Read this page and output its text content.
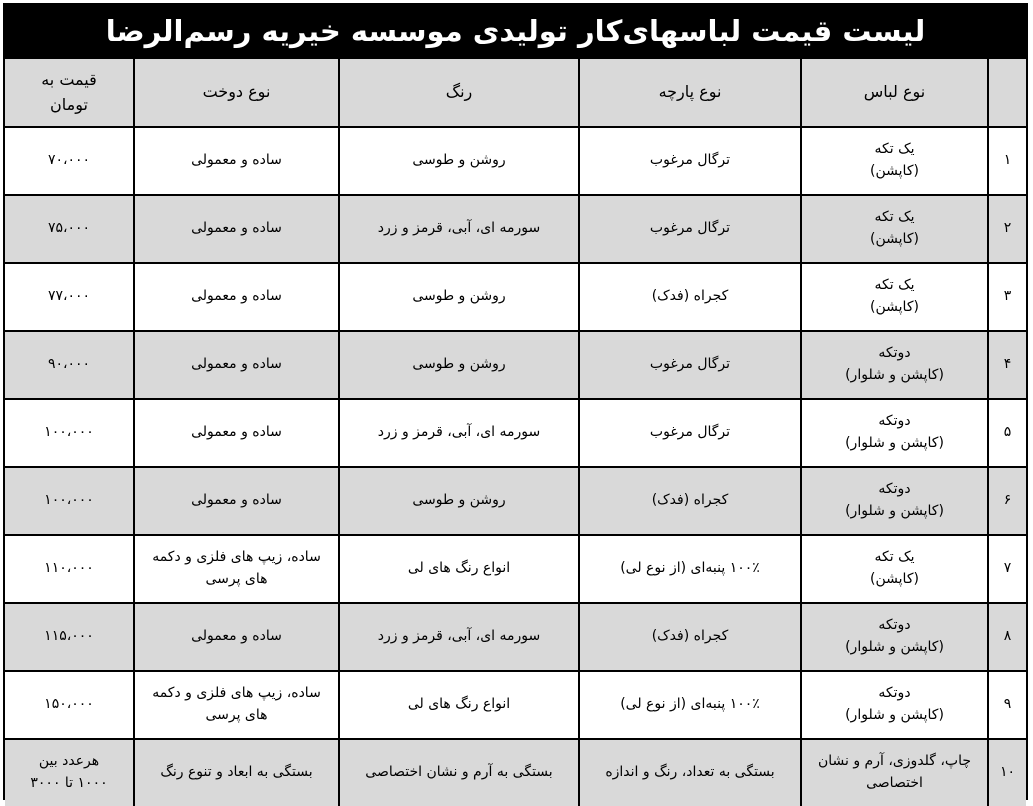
لیست قیمت لباسهای‌کار تولیدی موسسه خیریه رسم‌الرضا
	نوع لباس	نوع پارچه	رنگ	نوع دوخت	قیمت به
تومان

۱	یک تکه
(کاپشن)	ترگال مرغوب	روشن و طوسی	ساده و معمولی	۷۰،۰۰۰

۲	یک تکه
(کاپشن)	ترگال مرغوب	سورمه ای، آبی، قرمز و زرد	ساده و معمولی	۷۵،۰۰۰

۳	یک تکه
(کاپشن)	کجراه (فدک)	روشن و طوسی	ساده و معمولی	۷۷،۰۰۰

۴	دوتکه
(کاپشن و شلوار)	ترگال مرغوب	روشن و طوسی	ساده و معمولی	۹۰،۰۰۰

۵	دوتکه
(کاپشن و شلوار)	ترگال مرغوب	سورمه ای، آبی، قرمز و زرد	ساده و معمولی	۱۰۰،۰۰۰

۶	دوتکه
(کاپشن و شلوار)	کجراه (فدک)	روشن و طوسی	ساده و معمولی	۱۰۰،۰۰۰

۷	یک تکه
(کاپشن)	۱۰۰٪ پنبه‌ای (از نوع لی)	انواع رنگ های لی	ساده، زیپ های فلزی و دکمه
های پرسی	۱۱۰،۰۰۰

۸	دوتکه
(کاپشن و شلوار)	کجراه (فدک)	سورمه ای، آبی، قرمز و زرد	ساده و معمولی	۱۱۵،۰۰۰

۹	دوتکه
(کاپشن و شلوار)	۱۰۰٪ پنبه‌ای (از نوع لی)	انواع رنگ های لی	ساده، زیپ های فلزی و دکمه
های پرسی	۱۵۰،۰۰۰

۱۰	چاپ، گلدوزی، آرم و نشان
اختصاصی	بستگی به تعداد، رنگ و اندازه	بستگی به آرم و نشان اختصاصی	بستگی به ابعاد و تنوع رنگ	هرعدد بین
۱۰۰۰ تا ۳۰۰۰
